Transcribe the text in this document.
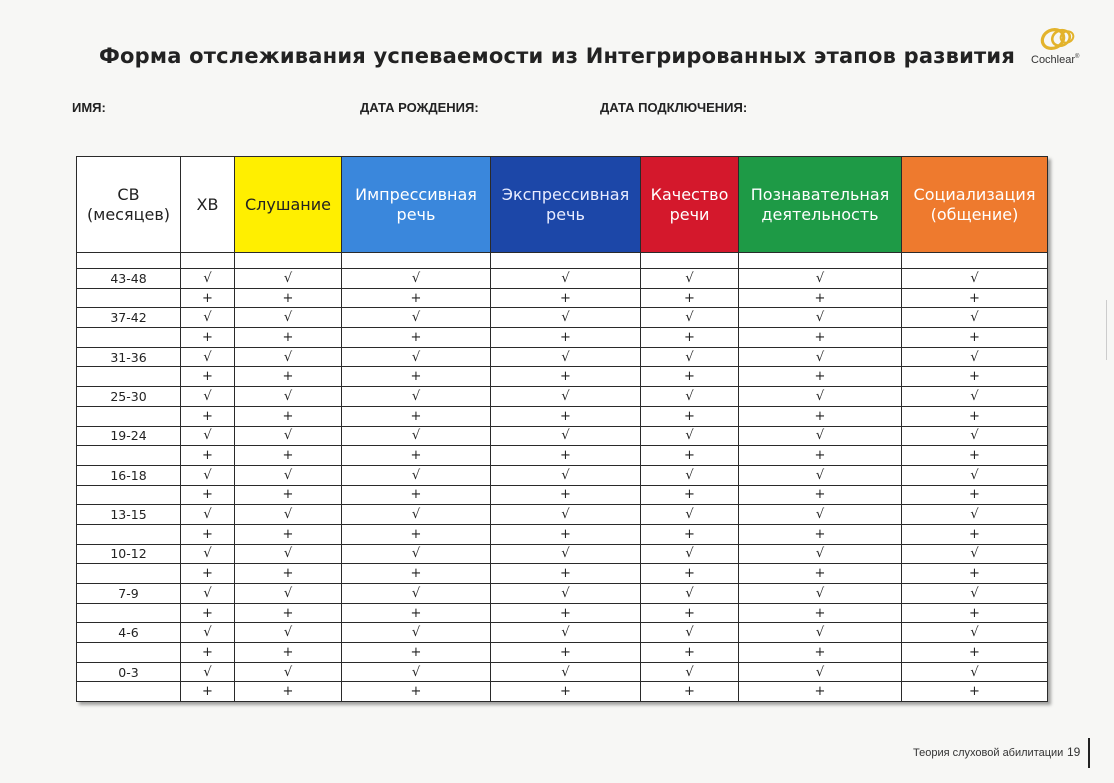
Форма отслеживания успеваемости из Интегрированных этапов развития	Cochlear®
ИМЯ:	ДАТА РОЖДЕНИЯ:	ДАТА ПОДКЛЮЧЕНИЯ:
СВ (месяцев)	ХВ	Слушание	Импрессивная речь	Экспрессивная речь	Качество речи	Познавательная деятельность	Социализация (общение)

43-48	√	√	√	√	√	√	√
	+	+	+	+	+	+	+
37-42	√	√	√	√	√	√	√
	+	+	+	+	+	+	+
31-36	√	√	√	√	√	√	√
	+	+	+	+	+	+	+
25-30	√	√	√	√	√	√	√
	+	+	+	+	+	+	+
19-24	√	√	√	√	√	√	√
	+	+	+	+	+	+	+
16-18	√	√	√	√	√	√	√
	+	+	+	+	+	+	+
13-15	√	√	√	√	√	√	√
	+	+	+	+	+	+	+
10-12	√	√	√	√	√	√	√
	+	+	+	+	+	+	+
7-9	√	√	√	√	√	√	√
	+	+	+	+	+	+	+
4-6	√	√	√	√	√	√	√
	+	+	+	+	+	+	+
0-3	√	√	√	√	√	√	√
	+	+	+	+	+	+	+
Теория слуховой абилитации 19
